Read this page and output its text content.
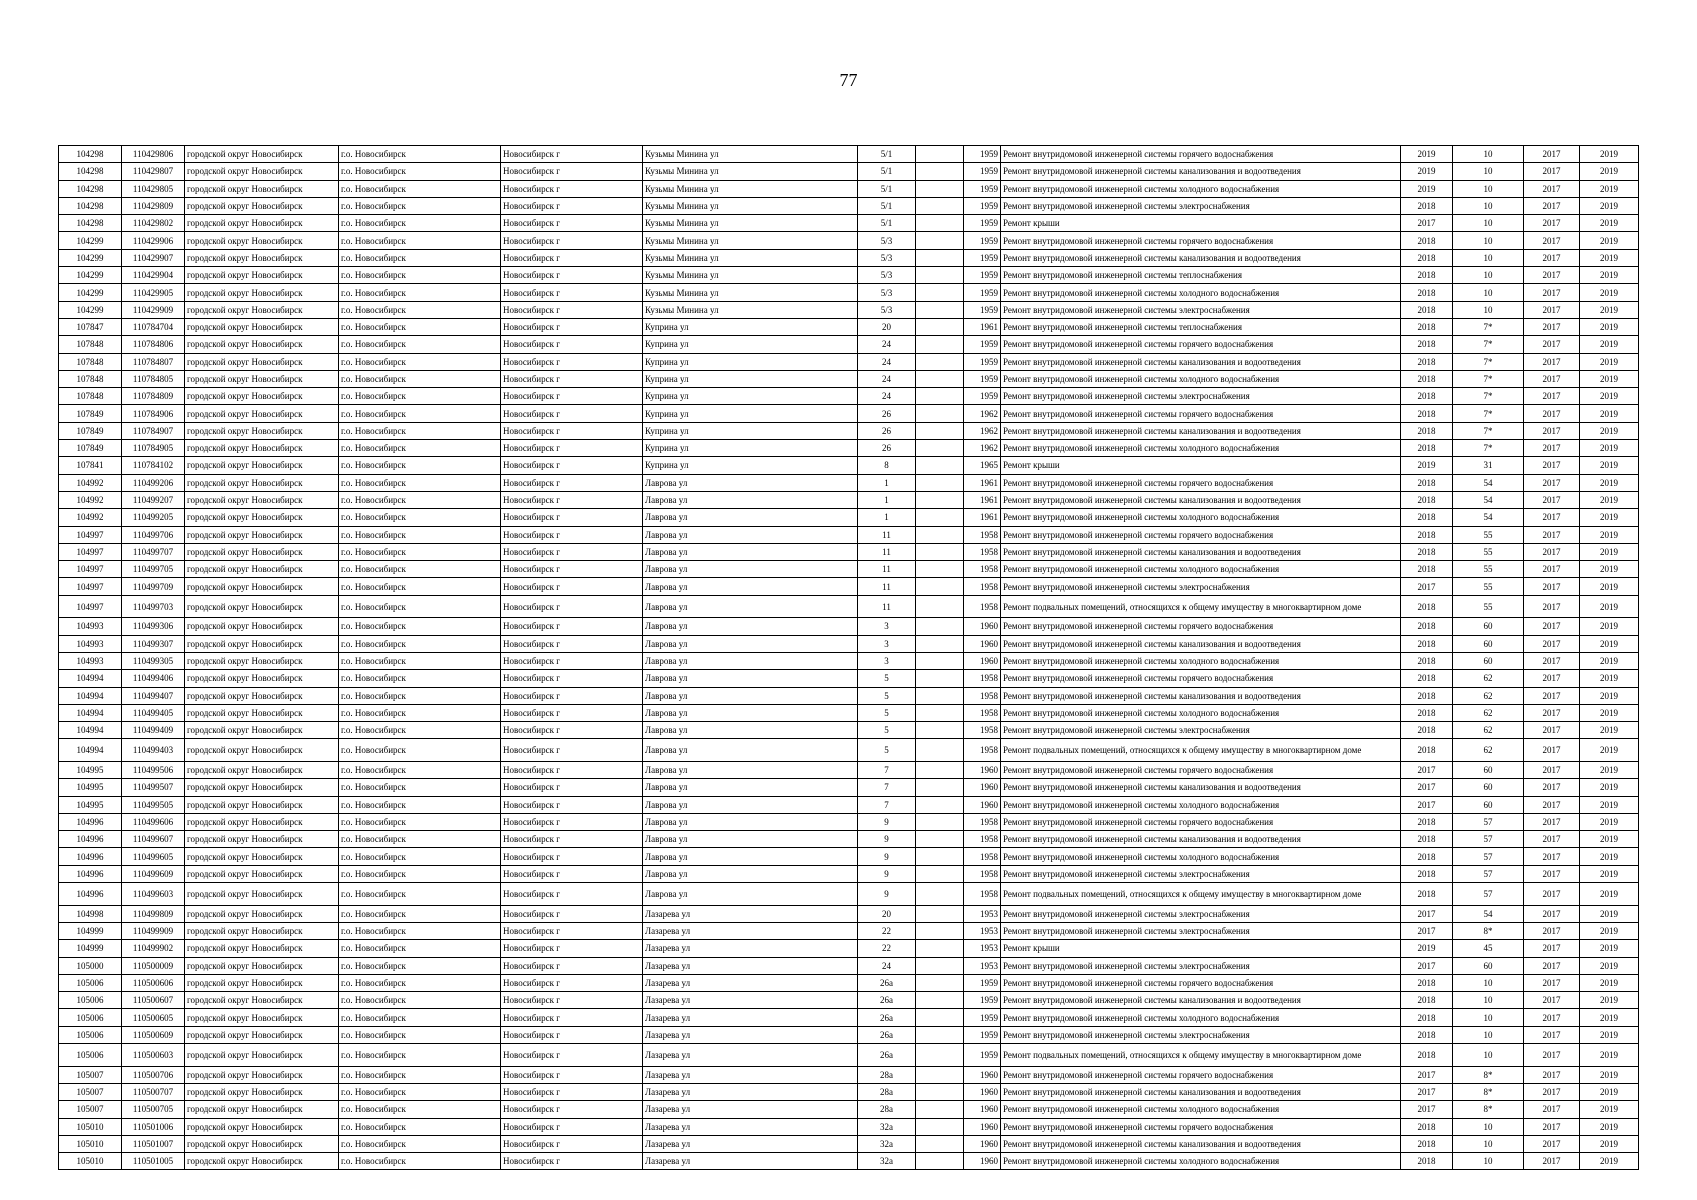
77
104298	110429806	городской округ Новосибирск	г.о. Новосибирск	Новосибирск г	Кузьмы Минина ул	5/1		1959	Ремонт внутридомовой инженерной системы горячего водоснабжения	2019	10	2017	2019
104298	110429807	городской округ Новосибирск	г.о. Новосибирск	Новосибирск г	Кузьмы Минина ул	5/1		1959	Ремонт внутридомовой инженерной системы канализования и водоотведения	2019	10	2017	2019
104298	110429805	городской округ Новосибирск	г.о. Новосибирск	Новосибирск г	Кузьмы Минина ул	5/1		1959	Ремонт внутридомовой инженерной системы холодного водоснабжения	2019	10	2017	2019
104298	110429809	городской округ Новосибирск	г.о. Новосибирск	Новосибирск г	Кузьмы Минина ул	5/1		1959	Ремонт внутридомовой инженерной системы электроснабжения	2018	10	2017	2019
104298	110429802	городской округ Новосибирск	г.о. Новосибирск	Новосибирск г	Кузьмы Минина ул	5/1		1959	Ремонт крыши	2017	10	2017	2019
104299	110429906	городской округ Новосибирск	г.о. Новосибирск	Новосибирск г	Кузьмы Минина ул	5/3		1959	Ремонт внутридомовой инженерной системы горячего водоснабжения	2018	10	2017	2019
104299	110429907	городской округ Новосибирск	г.о. Новосибирск	Новосибирск г	Кузьмы Минина ул	5/3		1959	Ремонт внутридомовой инженерной системы канализования и водоотведения	2018	10	2017	2019
104299	110429904	городской округ Новосибирск	г.о. Новосибирск	Новосибирск г	Кузьмы Минина ул	5/3		1959	Ремонт внутридомовой инженерной системы теплоснабжения	2018	10	2017	2019
104299	110429905	городской округ Новосибирск	г.о. Новосибирск	Новосибирск г	Кузьмы Минина ул	5/3		1959	Ремонт внутридомовой инженерной системы холодного водоснабжения	2018	10	2017	2019
104299	110429909	городской округ Новосибирск	г.о. Новосибирск	Новосибирск г	Кузьмы Минина ул	5/3		1959	Ремонт внутридомовой инженерной системы электроснабжения	2018	10	2017	2019
107847	110784704	городской округ Новосибирск	г.о. Новосибирск	Новосибирск г	Куприна ул	20		1961	Ремонт внутридомовой инженерной системы теплоснабжения	2018	7*	2017	2019
107848	110784806	городской округ Новосибирск	г.о. Новосибирск	Новосибирск г	Куприна ул	24		1959	Ремонт внутридомовой инженерной системы горячего водоснабжения	2018	7*	2017	2019
107848	110784807	городской округ Новосибирск	г.о. Новосибирск	Новосибирск г	Куприна ул	24		1959	Ремонт внутридомовой инженерной системы канализования и водоотведения	2018	7*	2017	2019
107848	110784805	городской округ Новосибирск	г.о. Новосибирск	Новосибирск г	Куприна ул	24		1959	Ремонт внутридомовой инженерной системы холодного водоснабжения	2018	7*	2017	2019
107848	110784809	городской округ Новосибирск	г.о. Новосибирск	Новосибирск г	Куприна ул	24		1959	Ремонт внутридомовой инженерной системы электроснабжения	2018	7*	2017	2019
107849	110784906	городской округ Новосибирск	г.о. Новосибирск	Новосибирск г	Куприна ул	26		1962	Ремонт внутридомовой инженерной системы горячего водоснабжения	2018	7*	2017	2019
107849	110784907	городской округ Новосибирск	г.о. Новосибирск	Новосибирск г	Куприна ул	26		1962	Ремонт внутридомовой инженерной системы канализования и водоотведения	2018	7*	2017	2019
107849	110784905	городской округ Новосибирск	г.о. Новосибирск	Новосибирск г	Куприна ул	26		1962	Ремонт внутридомовой инженерной системы холодного водоснабжения	2018	7*	2017	2019
107841	110784102	городской округ Новосибирск	г.о. Новосибирск	Новосибирск г	Куприна ул	8		1965	Ремонт крыши	2019	31	2017	2019
104992	110499206	городской округ Новосибирск	г.о. Новосибирск	Новосибирск г	Лаврова ул	1		1961	Ремонт внутридомовой инженерной системы горячего водоснабжения	2018	54	2017	2019
104992	110499207	городской округ Новосибирск	г.о. Новосибирск	Новосибирск г	Лаврова ул	1		1961	Ремонт внутридомовой инженерной системы канализования и водоотведения	2018	54	2017	2019
104992	110499205	городской округ Новосибирск	г.о. Новосибирск	Новосибирск г	Лаврова ул	1		1961	Ремонт внутридомовой инженерной системы холодного водоснабжения	2018	54	2017	2019
104997	110499706	городской округ Новосибирск	г.о. Новосибирск	Новосибирск г	Лаврова ул	11		1958	Ремонт внутридомовой инженерной системы горячего водоснабжения	2018	55	2017	2019
104997	110499707	городской округ Новосибирск	г.о. Новосибирск	Новосибирск г	Лаврова ул	11		1958	Ремонт внутридомовой инженерной системы канализования и водоотведения	2018	55	2017	2019
104997	110499705	городской округ Новосибирск	г.о. Новосибирск	Новосибирск г	Лаврова ул	11		1958	Ремонт внутридомовой инженерной системы холодного водоснабжения	2018	55	2017	2019
104997	110499709	городской округ Новосибирск	г.о. Новосибирск	Новосибирск г	Лаврова ул	11		1958	Ремонт внутридомовой инженерной системы электроснабжения	2017	55	2017	2019
104997	110499703	городской округ Новосибирск	г.о. Новосибирск	Новосибирск г	Лаврова ул	11		1958	Ремонт подвальных помещений, относящихся к общему имуществу в многоквартирном доме	2018	55	2017	2019
104993	110499306	городской округ Новосибирск	г.о. Новосибирск	Новосибирск г	Лаврова ул	3		1960	Ремонт внутридомовой инженерной системы горячего водоснабжения	2018	60	2017	2019
104993	110499307	городской округ Новосибирск	г.о. Новосибирск	Новосибирск г	Лаврова ул	3		1960	Ремонт внутридомовой инженерной системы канализования и водоотведения	2018	60	2017	2019
104993	110499305	городской округ Новосибирск	г.о. Новосибирск	Новосибирск г	Лаврова ул	3		1960	Ремонт внутридомовой инженерной системы холодного водоснабжения	2018	60	2017	2019
104994	110499406	городской округ Новосибирск	г.о. Новосибирск	Новосибирск г	Лаврова ул	5		1958	Ремонт внутридомовой инженерной системы горячего водоснабжения	2018	62	2017	2019
104994	110499407	городской округ Новосибирск	г.о. Новосибирск	Новосибирск г	Лаврова ул	5		1958	Ремонт внутридомовой инженерной системы канализования и водоотведения	2018	62	2017	2019
104994	110499405	городской округ Новосибирск	г.о. Новосибирск	Новосибирск г	Лаврова ул	5		1958	Ремонт внутридомовой инженерной системы холодного водоснабжения	2018	62	2017	2019
104994	110499409	городской округ Новосибирск	г.о. Новосибирск	Новосибирск г	Лаврова ул	5		1958	Ремонт внутридомовой инженерной системы электроснабжения	2018	62	2017	2019
104994	110499403	городской округ Новосибирск	г.о. Новосибирск	Новосибирск г	Лаврова ул	5		1958	Ремонт подвальных помещений, относящихся к общему имуществу в многоквартирном доме	2018	62	2017	2019
104995	110499506	городской округ Новосибирск	г.о. Новосибирск	Новосибирск г	Лаврова ул	7		1960	Ремонт внутридомовой инженерной системы горячего водоснабжения	2017	60	2017	2019
104995	110499507	городской округ Новосибирск	г.о. Новосибирск	Новосибирск г	Лаврова ул	7		1960	Ремонт внутридомовой инженерной системы канализования и водоотведения	2017	60	2017	2019
104995	110499505	городской округ Новосибирск	г.о. Новосибирск	Новосибирск г	Лаврова ул	7		1960	Ремонт внутридомовой инженерной системы холодного водоснабжения	2017	60	2017	2019
104996	110499606	городской округ Новосибирск	г.о. Новосибирск	Новосибирск г	Лаврова ул	9		1958	Ремонт внутридомовой инженерной системы горячего водоснабжения	2018	57	2017	2019
104996	110499607	городской округ Новосибирск	г.о. Новосибирск	Новосибирск г	Лаврова ул	9		1958	Ремонт внутридомовой инженерной системы канализования и водоотведения	2018	57	2017	2019
104996	110499605	городской округ Новосибирск	г.о. Новосибирск	Новосибирск г	Лаврова ул	9		1958	Ремонт внутридомовой инженерной системы холодного водоснабжения	2018	57	2017	2019
104996	110499609	городской округ Новосибирск	г.о. Новосибирск	Новосибирск г	Лаврова ул	9		1958	Ремонт внутридомовой инженерной системы электроснабжения	2018	57	2017	2019
104996	110499603	городской округ Новосибирск	г.о. Новосибирск	Новосибирск г	Лаврова ул	9		1958	Ремонт подвальных помещений, относящихся к общему имуществу в многоквартирном доме	2018	57	2017	2019
104998	110499809	городской округ Новосибирск	г.о. Новосибирск	Новосибирск г	Лазарева ул	20		1953	Ремонт внутридомовой инженерной системы электроснабжения	2017	54	2017	2019
104999	110499909	городской округ Новосибирск	г.о. Новосибирск	Новосибирск г	Лазарева ул	22		1953	Ремонт внутридомовой инженерной системы электроснабжения	2017	8*	2017	2019
104999	110499902	городской округ Новосибирск	г.о. Новосибирск	Новосибирск г	Лазарева ул	22		1953	Ремонт крыши	2019	45	2017	2019
105000	110500009	городской округ Новосибирск	г.о. Новосибирск	Новосибирск г	Лазарева ул	24		1953	Ремонт внутридомовой инженерной системы электроснабжения	2017	60	2017	2019
105006	110500606	городской округ Новосибирск	г.о. Новосибирск	Новосибирск г	Лазарева ул	26а		1959	Ремонт внутридомовой инженерной системы горячего водоснабжения	2018	10	2017	2019
105006	110500607	городской округ Новосибирск	г.о. Новосибирск	Новосибирск г	Лазарева ул	26а		1959	Ремонт внутридомовой инженерной системы канализования и водоотведения	2018	10	2017	2019
105006	110500605	городской округ Новосибирск	г.о. Новосибирск	Новосибирск г	Лазарева ул	26а		1959	Ремонт внутридомовой инженерной системы холодного водоснабжения	2018	10	2017	2019
105006	110500609	городской округ Новосибирск	г.о. Новосибирск	Новосибирск г	Лазарева ул	26а		1959	Ремонт внутридомовой инженерной системы электроснабжения	2018	10	2017	2019
105006	110500603	городской округ Новосибирск	г.о. Новосибирск	Новосибирск г	Лазарева ул	26а		1959	Ремонт подвальных помещений, относящихся к общему имуществу в многоквартирном доме	2018	10	2017	2019
105007	110500706	городской округ Новосибирск	г.о. Новосибирск	Новосибирск г	Лазарева ул	28а		1960	Ремонт внутридомовой инженерной системы горячего водоснабжения	2017	8*	2017	2019
105007	110500707	городской округ Новосибирск	г.о. Новосибирск	Новосибирск г	Лазарева ул	28а		1960	Ремонт внутридомовой инженерной системы канализования и водоотведения	2017	8*	2017	2019
105007	110500705	городской округ Новосибирск	г.о. Новосибирск	Новосибирск г	Лазарева ул	28а		1960	Ремонт внутридомовой инженерной системы холодного водоснабжения	2017	8*	2017	2019
105010	110501006	городской округ Новосибирск	г.о. Новосибирск	Новосибирск г	Лазарева ул	32а		1960	Ремонт внутридомовой инженерной системы горячего водоснабжения	2018	10	2017	2019
105010	110501007	городской округ Новосибирск	г.о. Новосибирск	Новосибирск г	Лазарева ул	32а		1960	Ремонт внутридомовой инженерной системы канализования и водоотведения	2018	10	2017	2019
105010	110501005	городской округ Новосибирск	г.о. Новосибирск	Новосибирск г	Лазарева ул	32а		1960	Ремонт внутридомовой инженерной системы холодного водоснабжения	2018	10	2017	2019
